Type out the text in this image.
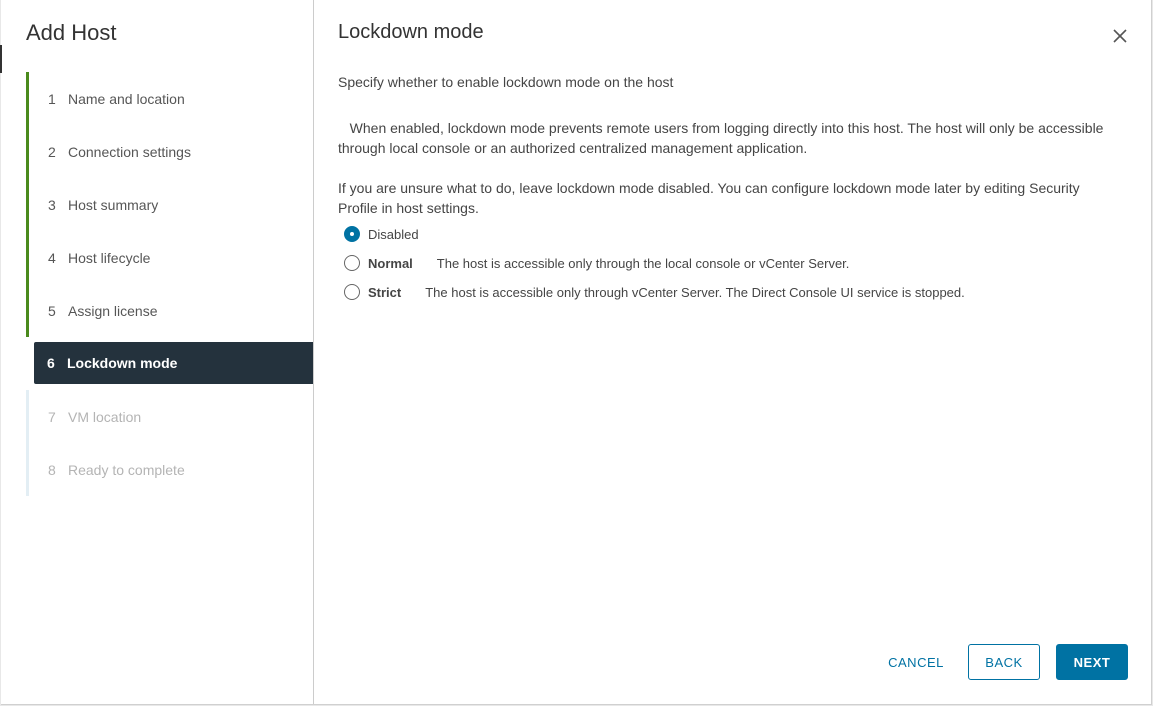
Add Host
1 Name and location
2 Connection settings
3 Host summary
4 Host lifecycle
5 Assign license
6 Lockdown mode
7 VM location
8 Ready to complete
Lockdown mode
Specify whether to enable lockdown mode on the host
When enabled, lockdown mode prevents remote users from logging directly into this host. The host will only be accessible through local console or an authorized centralized management application.
If you are unsure what to do, leave lockdown mode disabled. You can configure lockdown mode later by editing Security Profile in host settings.
Disabled
Normal The host is accessible only through the local console or vCenter Server.
Strict The host is accessible only through vCenter Server. The Direct Console UI service is stopped.
CANCEL	BACK	NEXT
